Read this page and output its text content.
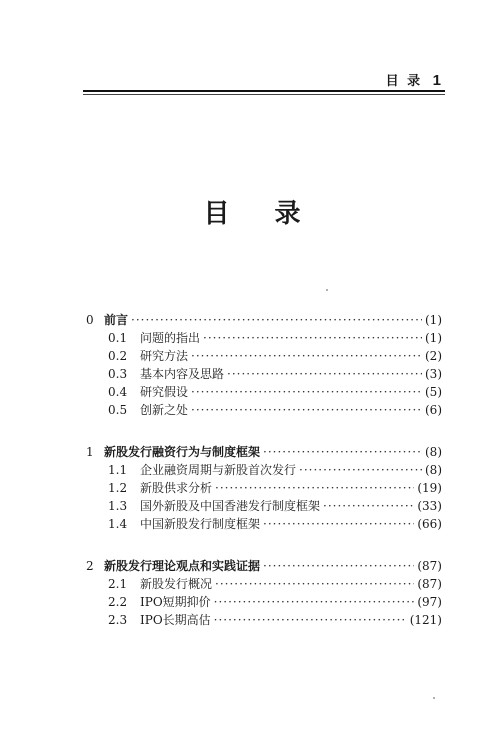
目 录 1
目 录
0 前言 ·····	(1)
0.1	问题的指出 ·····	(1)
0.2	研究方法 ·····	(2)
0.3	基本内容及思路 ·····	(3)
0.4	研究假设 ·····	(5)
0.5	创新之处 ·····	(6)
1 新股发行融资行为与制度框架 ·····	(8)
1.1	企业融资周期与新股首次发行 ·····	(8)
1.2	新股供求分析 ·····	(19)
1.3	国外新股及中国香港发行制度框架 ·····	(33)
1.4	中国新股发行制度框架 ·····	(66)
2 新股发行理论观点和实践证据 ·····	(87)
2.1	新股发行概况 ·····	(87)
2.2	IPO短期抑价 ·····	(97)
2.3	IPO长期高估 ·····	(121)
